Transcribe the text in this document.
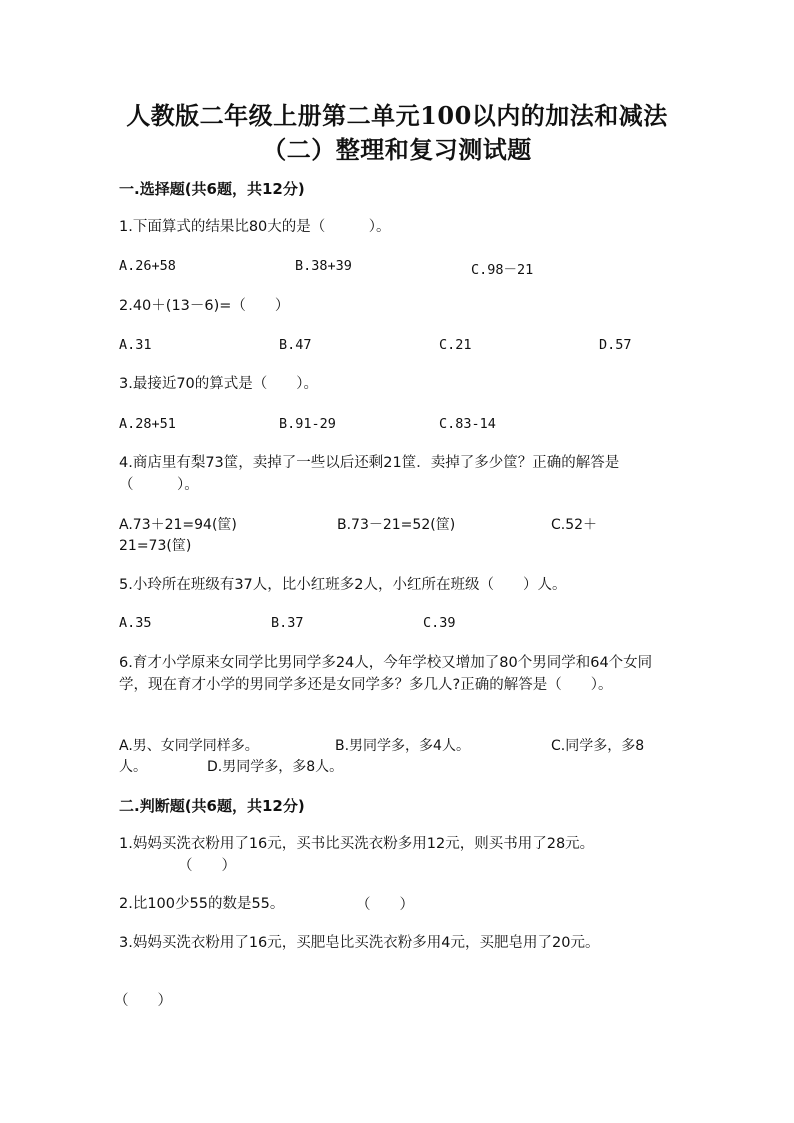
人教版二年级上册第二单元100以内的加法和减法
（二）整理和复习测试题
一.选择题(共6题，共12分)
1.下面算式的结果比80大的是（　　　）。
A.26+58	B.38+39	C.98－21
2.40＋(13－6)=（　　）
A.31	B.47	C.21	D.57
3.最接近70的算式是（　　）。
A.28+51	B.91-29	C.83-14
4.商店里有梨73筐，卖掉了一些以后还剩21筐．卖掉了多少筐？正确的解答是（　　　）。
A.73＋21=94(筐)	B.73－21=52(筐)	C.52＋
21=73(筐)
5.小玲所在班级有37人，比小红班多2人，小红所在班级（　　）人。
A.35	B.37	C.39
6.育才小学原来女同学比男同学多24人，今年学校又增加了80个男同学和64个女同学，现在育才小学的男同学多还是女同学多？多几人?正确的解答是（　　）。
A.男、女同学同样多。	B.男同学多，多4人。	C.同学多，多8
人。	D.男同学多，多8人。
二.判断题(共6题，共12分)
1.妈妈买洗衣粉用了16元，买书比买洗衣粉多用12元，则买书用了28元。
（　　）
2.比100少55的数是55。	（　　）
3.妈妈买洗衣粉用了16元，买肥皂比买洗衣粉多用4元，买肥皂用了20元。
（　　）
